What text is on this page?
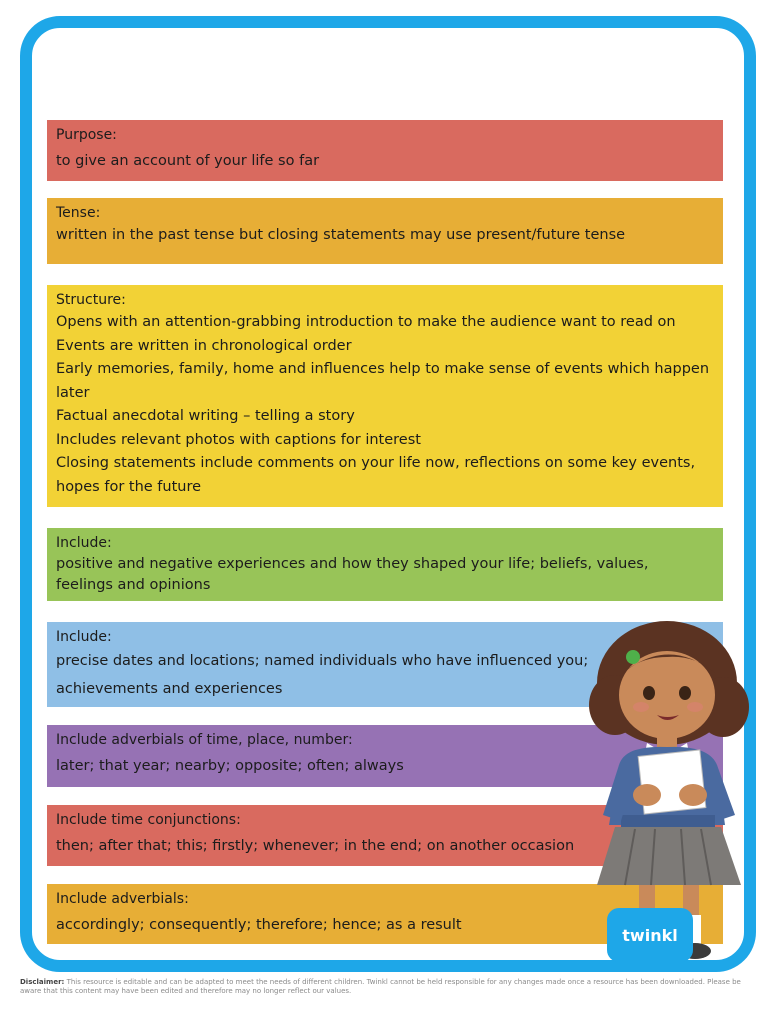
Purpose:
to give an account of your life so far
Tense:
written in the past tense but closing statements may use present/future tense
Structure:
Opens with an attention-grabbing introduction to make the audience want to read on
Events are written in chronological order
Early memories, family, home and influences help to make sense of events which happen later
Factual anecdotal writing – telling a story
Includes relevant photos with captions for interest
Closing statements include comments on your life now, reflections on some key events, hopes for the future
Include:
positive and negative experiences and how they shaped your life; beliefs, values, feelings and opinions
Include:
precise dates and locations; named individuals who have influenced you;
achievements and experiences
Include adverbials of time, place, number:
later; that year; nearby; opposite; often; always
Include time conjunctions:
then; after that; this; firstly; whenever; in the end; on another occasion
Include adverbials:
accordingly; consequently; therefore; hence; as a result
twinkl
Disclaimer: This resource is editable and can be adapted to meet the needs of different children. Twinkl cannot be held responsible for any changes made once a resource has been downloaded. Please be aware that this content may have been edited and therefore may no longer reflect our values.
